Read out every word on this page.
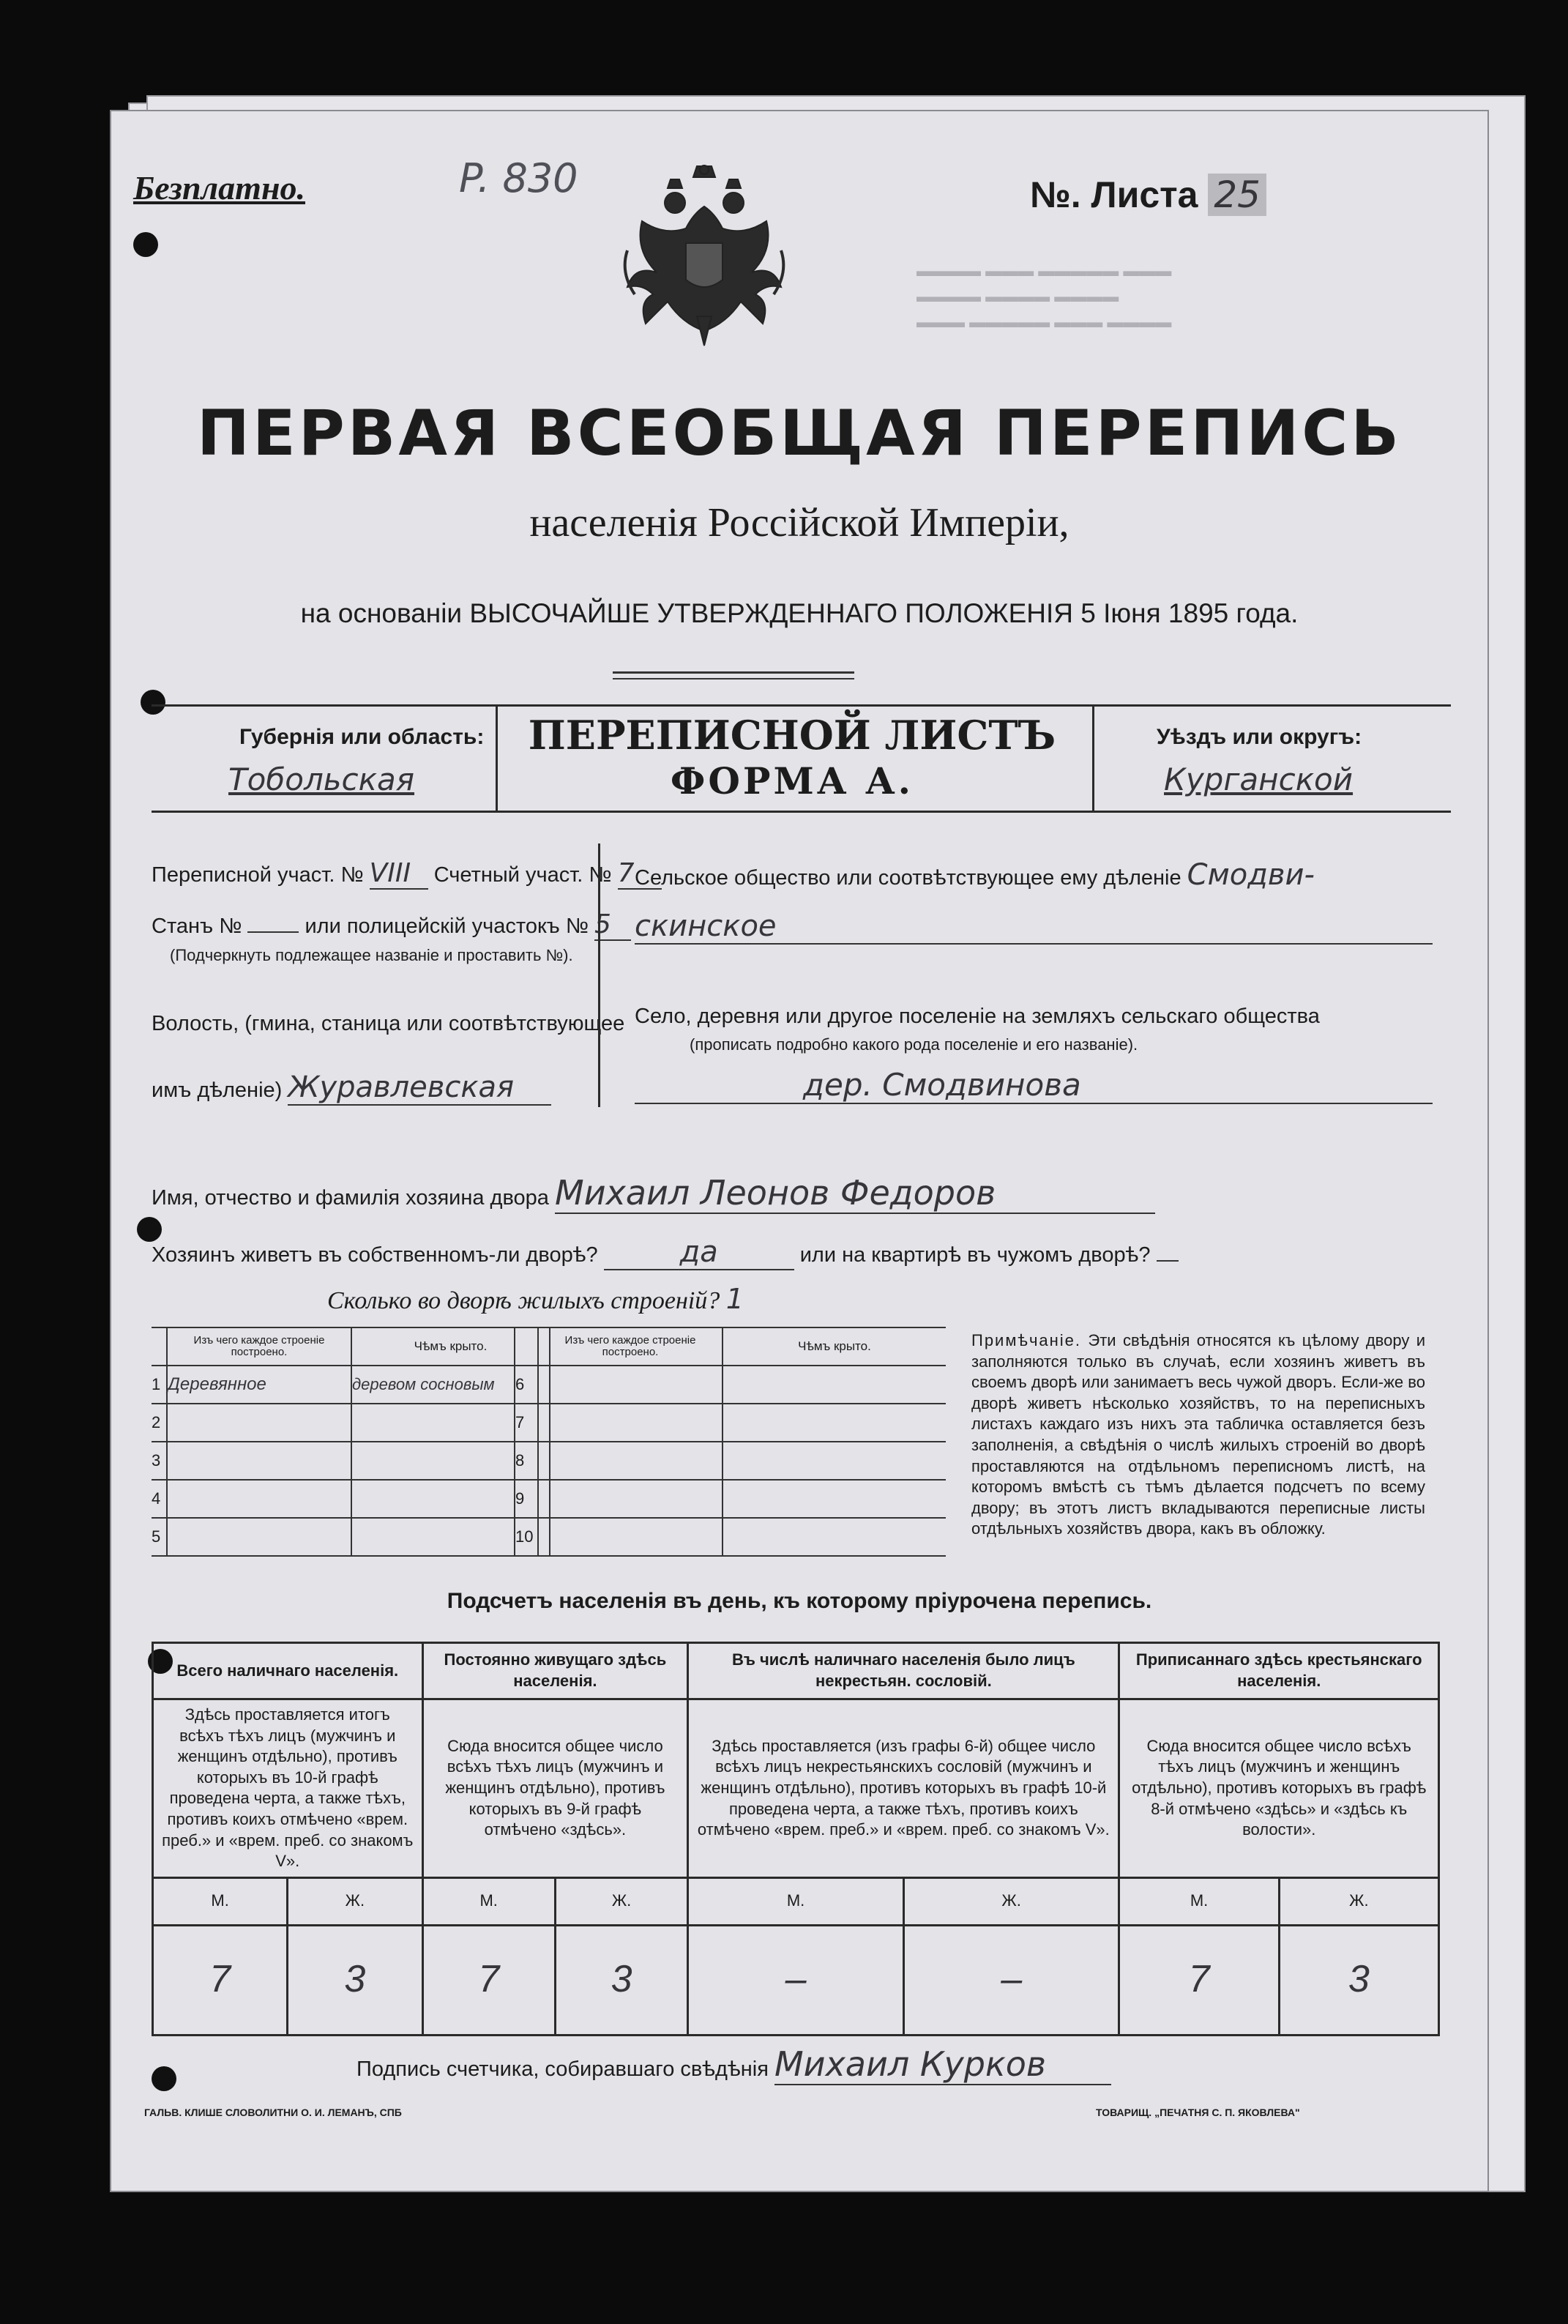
▬▬▬▬ ▬▬▬ ▬▬▬▬▬ ▬▬▬
▬▬▬▬ ▬▬▬▬ ▬▬▬▬
▬▬▬ ▬▬▬▬▬ ▬▬▬ ▬▬▬▬
Безплатно.	P. 830	№. Листа 25
ПЕРВАЯ ВСЕОБЩАЯ ПЕРЕПИСЬ
населенія Россійской Имперіи,
на основаніи ВЫСОЧАЙШЕ УТВЕРЖДЕННАГО ПОЛОЖЕНІЯ 5 Іюня 1895 года.
Губернія или область:
Тобольская
ПЕРЕПИСНОЙ ЛИСТЪ
ФОРМА А.
Уѣздъ или округъ:
Курганской
Переписной участ. № VIII Счетный участ. № 7
Станъ №	или полицейскій участокъ № 5
(Подчеркнуть подлежащее названіе и проставить №).
Волость, (гмина, станица или соотвѣтствующее
имъ дѣленіе) Журавлевская
Сельское общество или соотвѣтствующее ему дѣленіе Смодви-
скинское
Село, деревня или другое поселеніе на земляхъ сельскаго общества
(прописать подробно какого рода поселеніе и его названіе).
дер. Смодвинова
Имя, отчество и фамилія хозяина двора Михаил Леонов Федоров
Хозяинъ живетъ въ собственномъ-ли дворѣ?	да	или на квартирѣ въ чужомъ дворѣ?
Сколько во дворѣ жилыхъ строеній? 1
	Изъ чего каждое строеніе построено.	Чѣмъ крыто.
1	Деревянное	деревом сосновым
2		
3		
4		
5		
	Изъ чего каждое строеніе построено.	Чѣмъ крыто.
6		
7		
8		
9		
10		
Примѣчаніе. Эти свѣдѣнія относятся къ цѣлому двору и заполняются только въ случаѣ, если хозяинъ живетъ въ своемъ дворѣ или занимаетъ весь чужой дворъ. Если-же во дворѣ живетъ нѣсколько хозяйствъ, то на переписныхъ листахъ каждаго изъ нихъ эта табличка оставляется безъ заполненія, а свѣдѣнія о числѣ жилыхъ строеній во дворѣ проставляются на отдѣльномъ переписномъ листѣ, на которомъ вмѣстѣ съ тѣмъ дѣлается подсчетъ по всему двору; въ этотъ листъ вкладываются переписные листы отдѣльныхъ хозяйствъ двора, какъ въ обложку.
Подсчетъ населенія въ день, къ которому пріурочена перепись.
Всего наличнаго населенія.		Постоянно живущаго здѣсь населенія.		Въ числѣ наличнаго населенія было лицъ некрестьян. сословій.		Приписаннаго здѣсь крестьянскаго населенія.	
Здѣсь проставляется итогъ всѣхъ тѣхъ лицъ (мужчинъ и женщинъ отдѣльно), противъ которыхъ въ 10-й графѣ проведена черта, а также тѣхъ, противъ коихъ отмѣчено «врем. преб.» и «врем. преб. со знакомъ V».		Сюда вносится общее число всѣхъ тѣхъ лицъ (мужчинъ и женщинъ отдѣльно), противъ которыхъ въ 9-й графѣ отмѣчено «здѣсь».		Здѣсь проставляется (изъ графы 6-й) общее число всѣхъ лицъ некрестьянскихъ сословій (мужчинъ и женщинъ отдѣльно), противъ которыхъ въ графѣ 10-й проведена черта, а также тѣхъ, противъ коихъ отмѣчено «врем. преб.» и «врем. преб. со знакомъ V».		Сюда вносится общее число всѣхъ тѣхъ лицъ (мужчинъ и женщинъ отдѣльно), противъ которыхъ въ графѣ 8-й отмѣчено «здѣсь» и «здѣсь къ волости».	
М.	Ж.	М.	Ж.	М.	Ж.	М.	Ж.
7	3	7	3	–	–	7	3
Подпись счетчика, собиравшаго свѣдѣнія Михаил Курков
ГАЛЬВ. КЛИШЕ СЛОВОЛИТНИ О. И. ЛЕМАНЪ, СПБ	ТОВАРИЩ. „ПЕЧАТНЯ С. П. ЯКОВЛЕВА"
